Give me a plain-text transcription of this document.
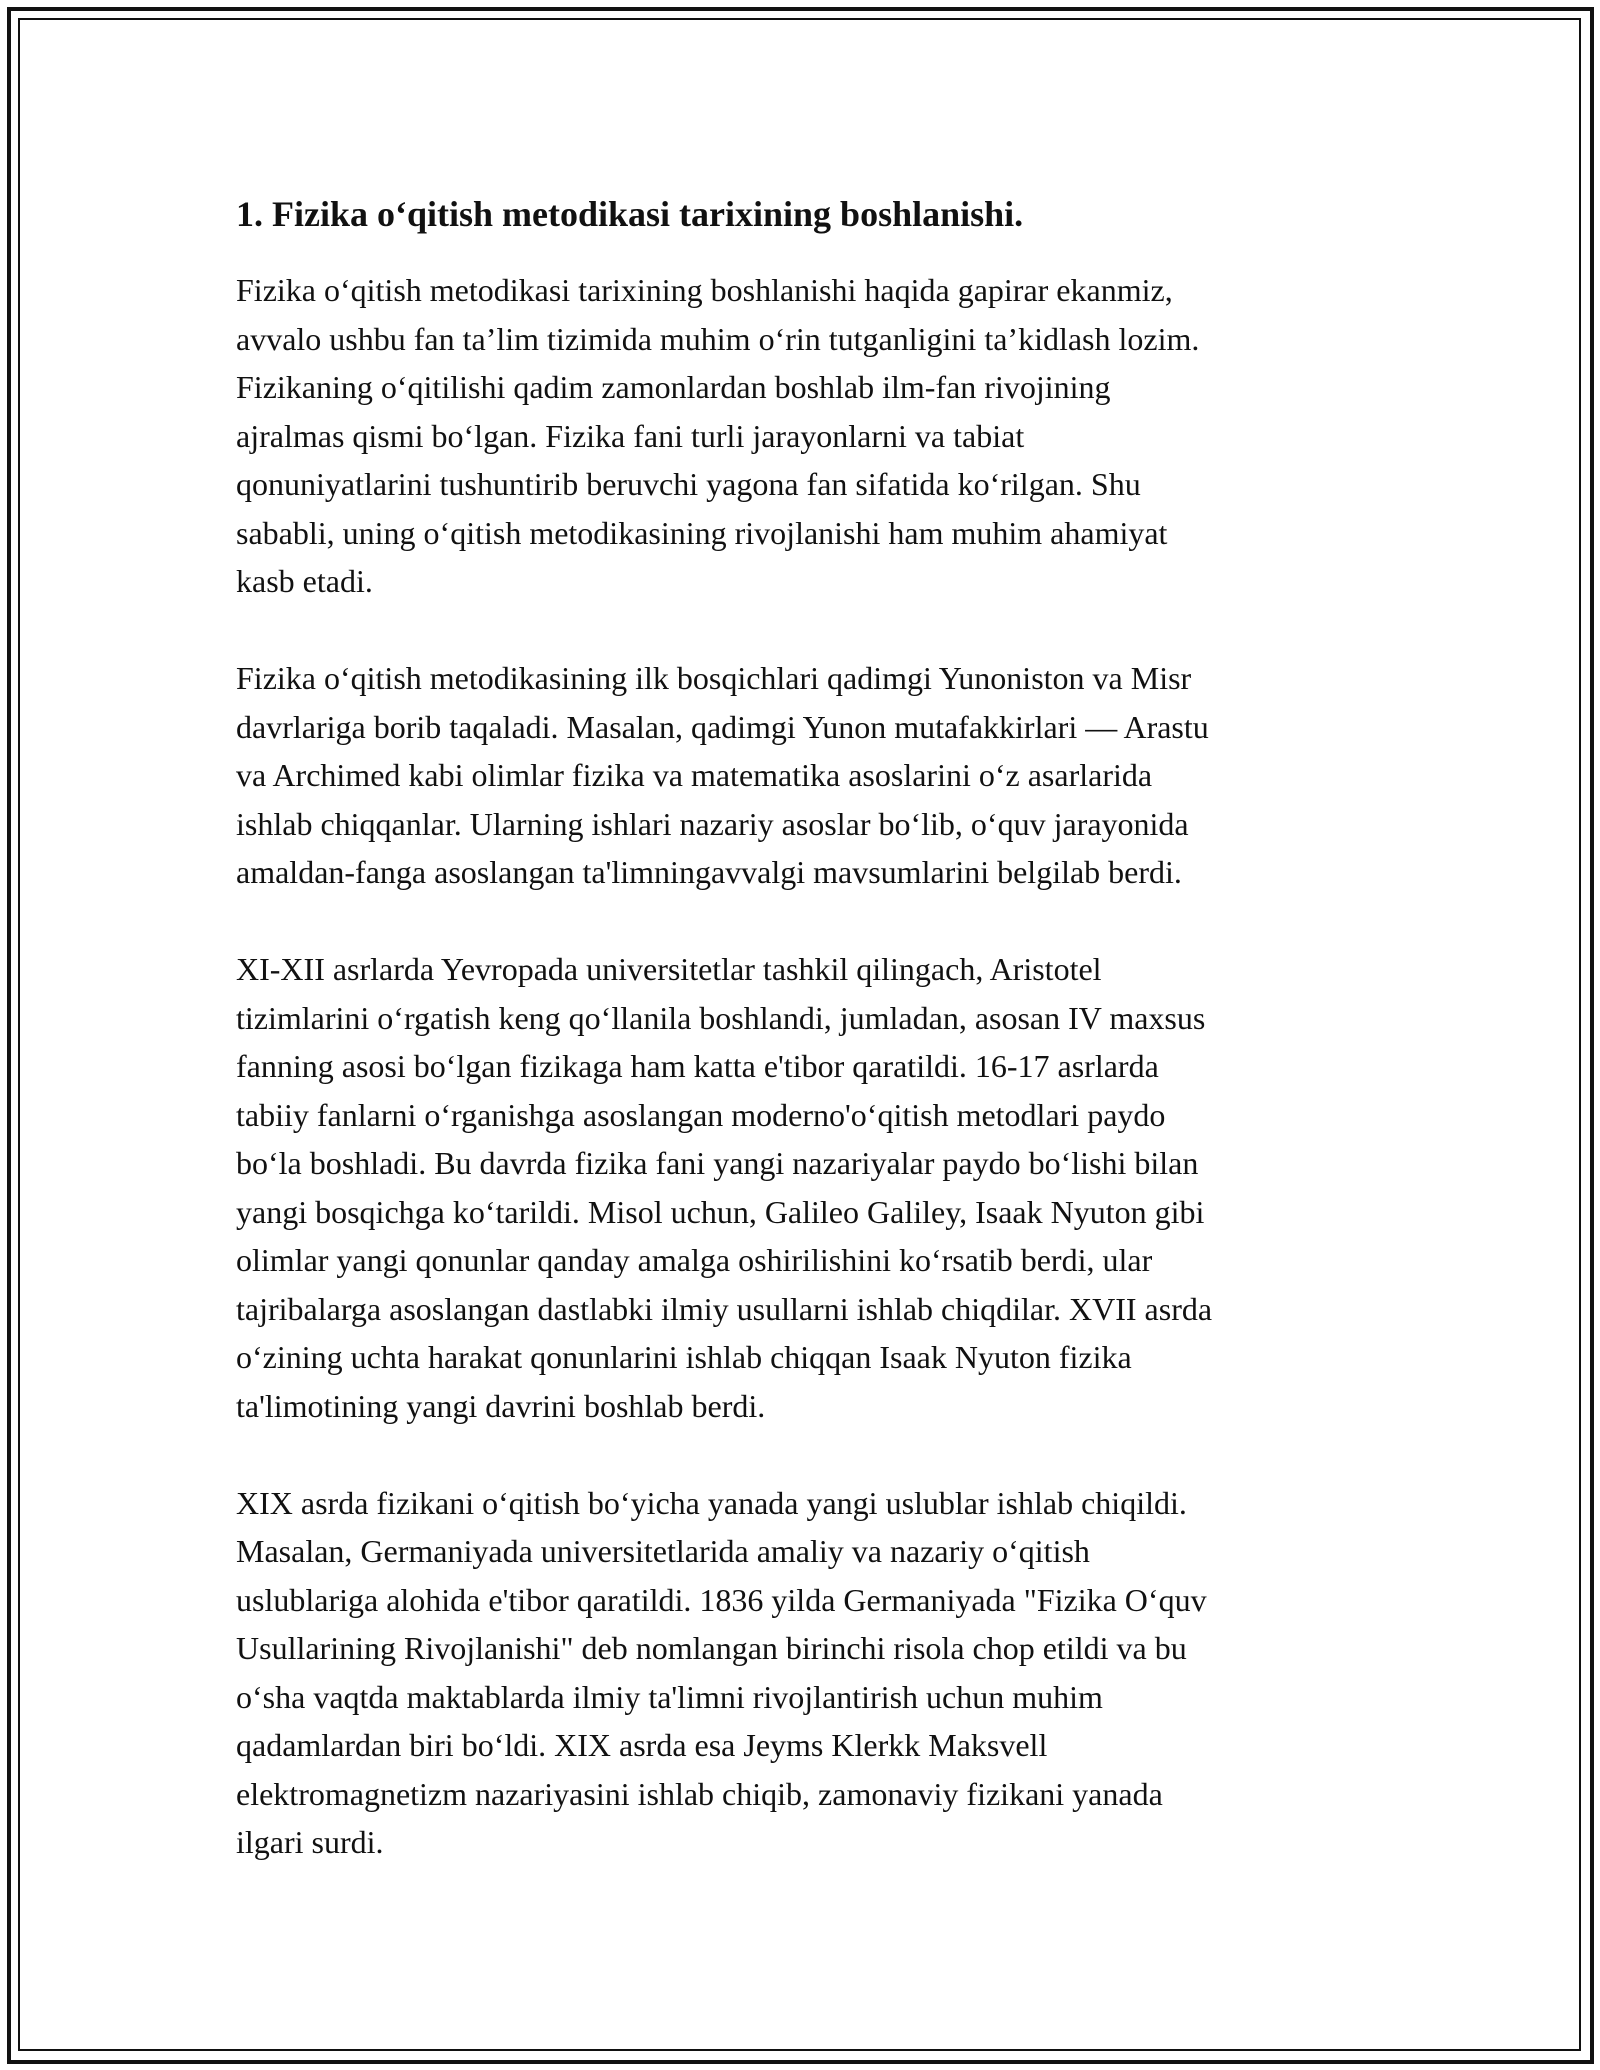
1. Fizika oʻqitish metodikasi tarixining boshlanishi.
Fizika oʻqitish metodikasi tarixining boshlanishi haqida gapirar ekanmiz,
avvalo ushbu fan ta’lim tizimida muhim oʻrin tutganligini ta’kidlash lozim.
Fizikaning oʻqitilishi qadim zamonlardan boshlab ilm-fan rivojining
ajralmas qismi boʻlgan. Fizika fani turli jarayonlarni va tabiat
qonuniyatlarini tushuntirib beruvchi yagona fan sifatida koʻrilgan. Shu
sababli, uning oʻqitish metodikasining rivojlanishi ham muhim ahamiyat
kasb etadi.
Fizika oʻqitish metodikasining ilk bosqichlari qadimgi Yunoniston va Misr
davrlariga borib taqaladi. Masalan, qadimgi Yunon mutafakkirlari — Arastu
va Archimed kabi olimlar fizika va matematika asoslarini oʻz asarlarida
ishlab chiqqanlar. Ularning ishlari nazariy asoslar boʻlib, oʻquv jarayonida
amaldan-fanga asoslangan ta'limningavvalgi mavsumlarini belgilab berdi.
XI-XII asrlarda Yevropada universitetlar tashkil qilingach, Aristotel
tizimlarini oʻrgatish keng qoʻllanila boshlandi, jumladan, asosan IV maxsus
fanning asosi boʻlgan fizikaga ham katta e'tibor qaratildi. 16-17 asrlarda
tabiiy fanlarni oʻrganishga asoslangan moderno'oʻqitish metodlari paydo
boʻla boshladi. Bu davrda fizika fani yangi nazariyalar paydo boʻlishi bilan
yangi bosqichga koʻtarildi. Misol uchun, Galileo Galiley, Isaak Nyuton gibi
olimlar yangi qonunlar qanday amalga oshirilishini koʻrsatib berdi, ular
tajribalarga asoslangan dastlabki ilmiy usullarni ishlab chiqdilar. XVII asrda
oʻzining uchta harakat qonunlarini ishlab chiqqan Isaak Nyuton fizika
ta'limotining yangi davrini boshlab berdi.
XIX asrda fizikani oʻqitish boʻyicha yanada yangi uslublar ishlab chiqildi.
Masalan, Germaniyada universitetlarida amaliy va nazariy oʻqitish
uslublariga alohida e'tibor qaratildi. 1836 yilda Germaniyada "Fizika Oʻquv
Usullarining Rivojlanishi" deb nomlangan birinchi risola chop etildi va bu
oʻsha vaqtda maktablarda ilmiy ta'limni rivojlantirish uchun muhim
qadamlardan biri boʻldi. XIX asrda esa Jeyms Klerkk Maksvell
elektromagnetizm nazariyasini ishlab chiqib, zamonaviy fizikani yanada
ilgari surdi.
